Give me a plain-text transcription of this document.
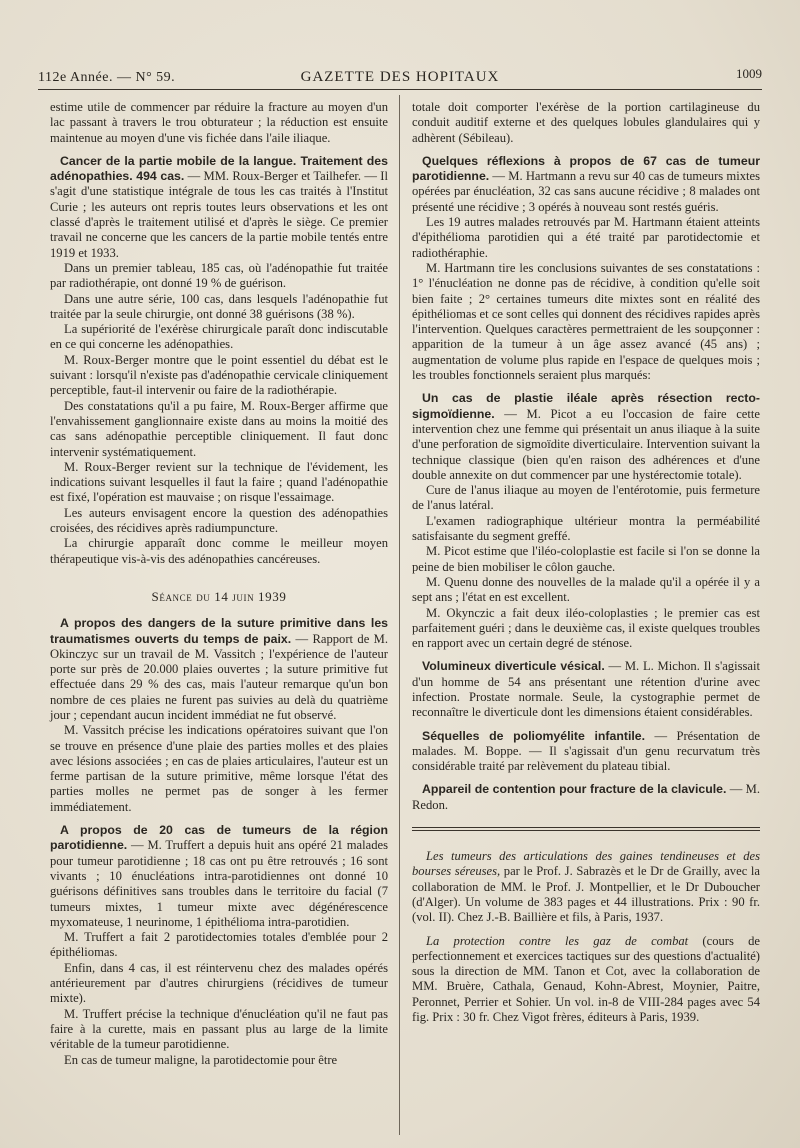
112e Année. — N° 59.	GAZETTE DES HOPITAUX	1009

estime utile de commencer par réduire la fracture au moyen d'un lac passant à travers le trou obturateur ; la réduction est ensuite maintenue au moyen d'une vis fichée dans l'aile iliaque.

Cancer de la partie mobile de la langue. Traitement des adénopathies. 494 cas. — MM. Roux-Berger et Tailhefer. — Il s'agit d'une statistique intégrale de tous les cas traités à l'Institut Curie ; les auteurs ont repris toutes leurs observations et les ont classé d'après le traitement utilisé et d'après le siège. Ce premier travail ne concerne que les cancers de la partie mobile tentés entre 1919 et 1933.

Dans un premier tableau, 185 cas, où l'adénopathie fut traitée par radiothérapie, ont donné 19 % de guérison.

Dans une autre série, 100 cas, dans lesquels l'adénopathie fut traitée par la seule chirurgie, ont donné 38 guérisons (38 %).

La supériorité de l'exérèse chirurgicale paraît donc indiscutable en ce qui concerne les adénopathies.

M. Roux-Berger montre que le point essentiel du débat est le suivant : lorsqu'il n'existe pas d'adénopathie cervicale cliniquement perceptible, faut-il intervenir ou faire de la radiothérapie.

Des constatations qu'il a pu faire, M. Roux-Berger affirme que l'envahissement ganglionnaire existe dans au moins la moitié des cas sans adénopathie perceptible cliniquement. Il faut donc intervenir systématiquement.

M. Roux-Berger revient sur la technique de l'évidement, les indications suivant lesquelles il faut la faire ; quand l'adénopathie est fixé, l'opération est mauvaise ; on risque l'essaimage.

Les auteurs envisagent encore la question des adénopathies croisées, des récidives après radiumpuncture.

La chirurgie apparaît donc comme le meilleur moyen thérapeutique vis-à-vis des adénopathies cancéreuses.

Séance du 14 juin 1939

A propos des dangers de la suture primitive dans les traumatismes ouverts du temps de paix. — Rapport de M. Okinczyc sur un travail de M. Vassitch ; l'expérience de l'auteur porte sur près de 20.000 plaies ouvertes ; la suture primitive fut effectuée dans 29 % des cas, mais l'auteur remarque qu'un bon nombre de ces plaies ne furent pas suivies au delà du quatrième jour ; cependant aucun incident immédiat ne fut observé.

M. Vassitch précise les indications opératoires suivant que l'on se trouve en présence d'une plaie des parties molles et des plaies avec lésions associées ; en cas de plaies articulaires, l'auteur est un ferme partisan de la suture primitive, même lorsque l'état des parties molles ne permet pas de songer à les fermer immédiatement.

A propos de 20 cas de tumeurs de la région parotidienne. — M. Truffert a depuis huit ans opéré 21 malades pour tumeur parotidienne ; 18 cas ont pu être retrouvés ; 16 sont vivants ; 10 énucléations intra-parotidiennes ont donné 10 guérisons définitives sans troubles dans le territoire du facial (7 tumeurs mixtes, 1 tumeur mixte avec dégénérescence myxomateuse, 1 neurinome, 1 épithélioma intra-parotidien.

M. Truffert a fait 2 parotidectomies totales d'emblée pour 2 épithéliomas.

Enfin, dans 4 cas, il est réintervenu chez des malades opérés antérieurement par d'autres chirurgiens (récidives de tumeur mixte).

M. Truffert précise la technique d'énucléation qu'il ne faut pas faire à la curette, mais en passant plus au large de la limite véritable de la tumeur parotidienne.

En cas de tumeur maligne, la parotidectomie pour être

totale doit comporter l'exérèse de la portion cartilagineuse du conduit auditif externe et des quelques lobules glandulaires qui y adhèrent (Sébileau).

Quelques réflexions à propos de 67 cas de tumeur parotidienne. — M. Hartmann a revu sur 40 cas de tumeurs mixtes opérées par énucléation, 32 cas sans aucune récidive ; 8 malades ont présenté une récidive ; 3 opérés à nouveau sont restés guéris.

Les 19 autres malades retrouvés par M. Hartmann étaient atteints d'épithélioma parotidien qui a été traité par parotidectomie et radiothéraphie.

M. Hartmann tire les conclusions suivantes de ses constatations : 1° l'énucléation ne donne pas de récidive, à condition qu'elle soit bien faite ; 2° certaines tumeurs dite mixtes sont en réalité des épithéliomas et ce sont celles qui donnent des récidives rapides après l'intervention. Quelques caractères permettraient de les soupçonner : apparition de la tumeur à un âge assez avancé (45 ans) ; augmentation de volume plus rapide en l'espace de quelques mois ; les troubles fonctionnels seraient plus marqués:

Un cas de plastie iléale après résection recto-sigmoïdienne. — M. Picot a eu l'occasion de faire cette intervention chez une femme qui présentait un anus iliaque à la suite d'une perforation de sigmoïdite diverticulaire. Intervention suivant la technique classique (bien qu'en raison des adhérences et d'une double annexite on dut commencer par une hystérectomie totale).

Cure de l'anus iliaque au moyen de l'entérotomie, puis fermeture de l'anus latéral.

L'examen radiographique ultérieur montra la perméabilité satisfaisante du segment greffé.

M. Picot estime que l'iléo-coloplastie est facile si l'on se donne la peine de bien mobiliser le côlon gauche.

M. Quenu donne des nouvelles de la malade qu'il a opérée il y a sept ans ; l'état en est excellent.

M. Okynczic a fait deux iléo-coloplasties ; le premier cas est parfaitement guéri ; dans le deuxième cas, il existe quelques troubles en rapport avec un certain degré de sténose.

Volumineux diverticule vésical. — M. L. Michon. Il s'agissait d'un homme de 54 ans présentant une rétention d'urine avec infection. Prostate normale. Seule, la cystographie permet de reconnaître le diverticule dont les dimensions étaient considérables.

Séquelles de poliomyélite infantile. — Présentation de malades. M. Boppe. — Il s'agissait d'un genu recurvatum très considérable traité par relèvement du plateau tibial.

Appareil de contention pour fracture de la clavicule. — M. Redon.

Les tumeurs des articulations des gaines tendineuses et des bourses séreuses, par le Prof. J. Sabrazès et le Dr de Grailly, avec la collaboration de MM. le Prof. J. Montpellier, et le Dr Duboucher (d'Alger). Un volume de 383 pages et 44 illustrations. Prix : 90 fr. (vol. II). Chez J.-B. Baillière et fils, à Paris, 1937.

La protection contre les gaz de combat (cours de perfectionnement et exercices tactiques sur des questions d'actualité) sous la direction de MM. Tanon et Cot, avec la collaboration de MM. Bruère, Cathala, Genaud, Kohn-Abrest, Moynier, Paitre, Peronnet, Perrier et Sohier. Un vol. in-8 de VIII-284 pages avec 54 fig. Prix : 30 fr. Chez Vigot frères, éditeurs à Paris, 1939.
